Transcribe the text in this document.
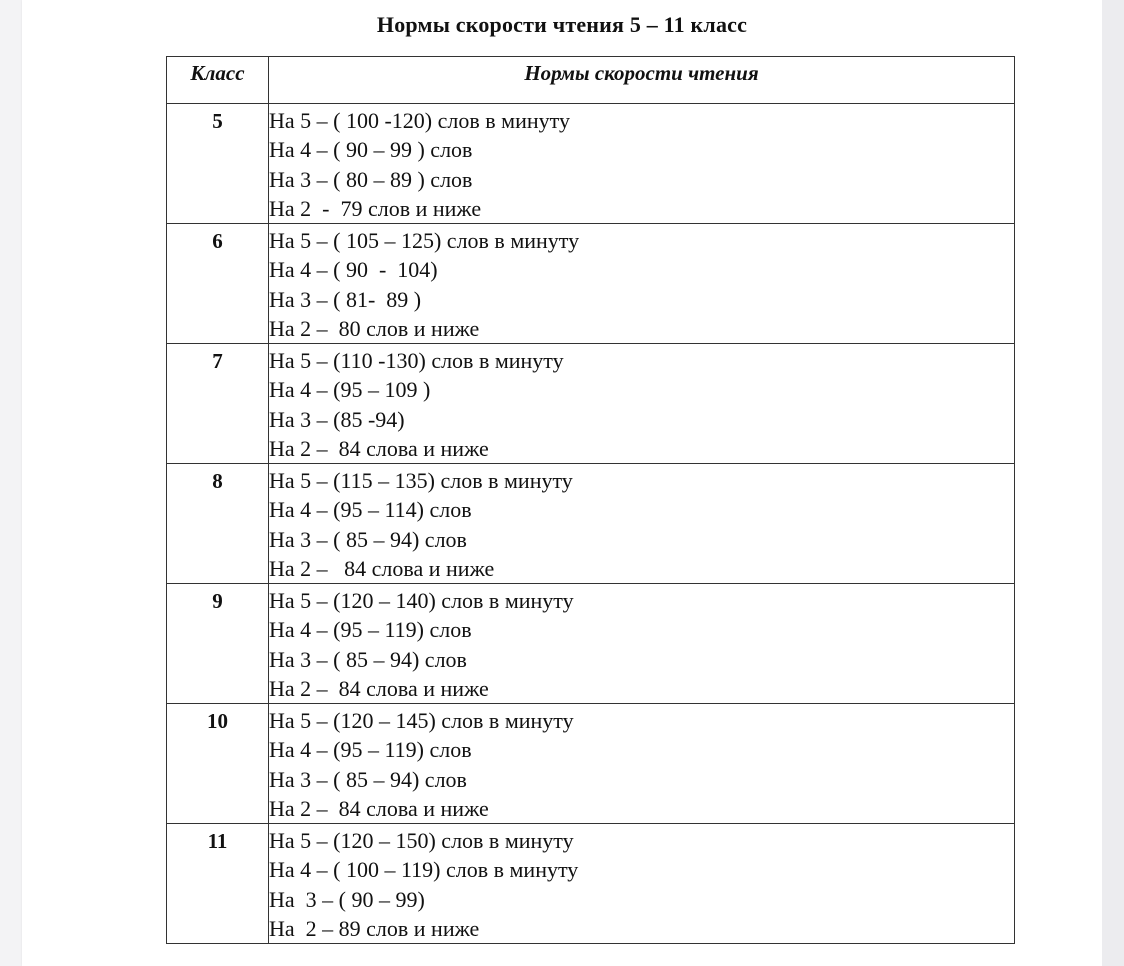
Нормы скорости чтения 5 – 11 класс
Класс	Нормы скорости чтения

5	На 5 – ( 100 -120) слов в минуту
На 4 – ( 90 – 99 ) слов
На 3 – ( 80 – 89 ) слов
На 2  -  79 слов и ниже

6	На 5 – ( 105 – 125) слов в минуту
На 4 – ( 90  -  104)
На 3 – ( 81-  89 )
На 2 –  80 слов и ниже

7	На 5 – (110 -130) слов в минуту
На 4 – (95 – 109 )
На 3 – (85 -94)
На 2 –  84 слова и ниже

8	На 5 – (115 – 135) слов в минуту
На 4 – (95 – 114) слов
На 3 – ( 85 – 94) слов
На 2 –   84 слова и ниже

9	На 5 – (120 – 140) слов в минуту
На 4 – (95 – 119) слов
На 3 – ( 85 – 94) слов
На 2 –  84 слова и ниже

10	На 5 – (120 – 145) слов в минуту
На 4 – (95 – 119) слов
На 3 – ( 85 – 94) слов
На 2 –  84 слова и ниже

11	На 5 – (120 – 150) слов в минуту
На 4 – ( 100 – 119) слов в минуту
На  3 – ( 90 – 99)
На  2 – 89 слов и ниже
